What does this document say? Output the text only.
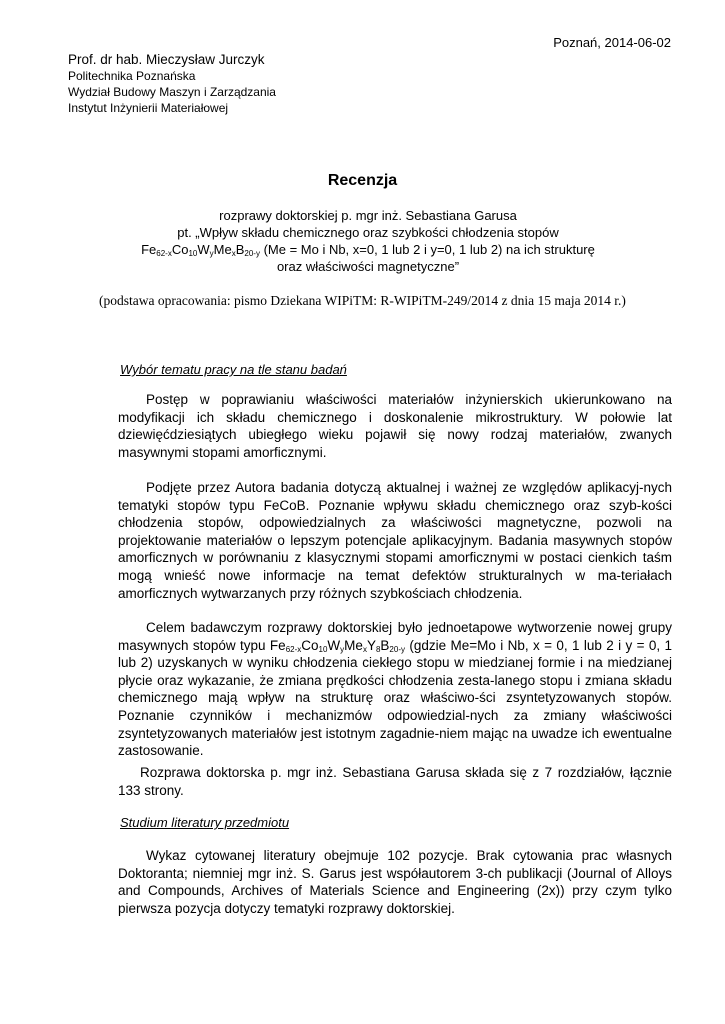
Poznań, 2014-06-02
Prof. dr hab. Mieczysław Jurczyk
Politechnika Poznańska
Wydział Budowy Maszyn i Zarządzania
Instytut Inżynierii Materiałowej
Recenzja
rozprawy doktorskiej p. mgr inż. Sebastiana Garusa
pt. „Wpływ składu chemicznego oraz szybkości chłodzenia stopów
$Fe_{62-x}Co_{10}W_yMe_xB_{20-y}$ (Me = Mo i Nb, x=0, 1 lub 2 i y=0, 1 lub 2) na ich strukturę
oraz właściwości magnetyczne”
(podstawa opracowania: pismo Dziekana WIPiTM: R-WIPiTM-249/2014 z dnia 15 maja 2014 r.)
Wybór tematu pracy na tle stanu badań
Postęp w poprawianiu właściwości materiałów inżynierskich ukierunkowano na modyfikacji ich składu chemicznego i doskonalenie mikrostruktury. W połowie lat dziewięćdziesiątych ubiegłego wieku pojawił się nowy rodzaj materiałów, zwanych masywnymi stopami amorficznymi.
Podjęte przez Autora badania dotyczą aktualnej i ważnej ze względów aplikacyj-nych tematyki stopów typu FeCoB. Poznanie wpływu składu chemicznego oraz szyb-kości chłodzenia stopów, odpowiedzialnych za właściwości magnetyczne, pozwoli na projektowanie materiałów o lepszym potencjale aplikacyjnym. Badania masywnych stopów amorficznych w porównaniu z klasycznymi stopami amorficznymi w postaci cienkich taśm mogą wnieść nowe informacje na temat defektów strukturalnych w ma-teriałach amorficznych wytwarzanych przy różnych szybkościach chłodzenia.
Celem badawczym rozprawy doktorskiej było jednoetapowe wytworzenie nowej grupy masywnych stopów typu $Fe_{62-x}Co_{10}W_yMe_xY_8B_{20-y}$ (gdzie Me=Mo i Nb, x = 0, 1 lub 2 i y = 0, 1 lub 2) uzyskanych w wyniku chłodzenia ciekłego stopu w miedzianej formie i na miedzianej płycie oraz wykazanie, że zmiana prędkości chłodzenia zesta-lanego stopu i zmiana składu chemicznego mają wpływ na strukturę oraz właściwo-ści zsyntetyzowanych stopów. Poznanie czynników i mechanizmów odpowiedzial-nych za zmiany właściwości zsyntetyzowanych materiałów jest istotnym zagadnie-niem mając na uwadze ich ewentualne zastosowanie.
Rozprawa doktorska p. mgr inż. Sebastiana Garusa składa się z 7 rozdziałów, łącznie 133 strony.
Studium literatury przedmiotu
Wykaz cytowanej literatury obejmuje 102 pozycje. Brak cytowania prac własnych Doktoranta; niemniej mgr inż. S. Garus jest współautorem 3-ch publikacji (Journal of Alloys and Compounds, Archives of Materials Science and Engineering (2x)) przy czym tylko pierwsza pozycja dotyczy tematyki rozprawy doktorskiej.
